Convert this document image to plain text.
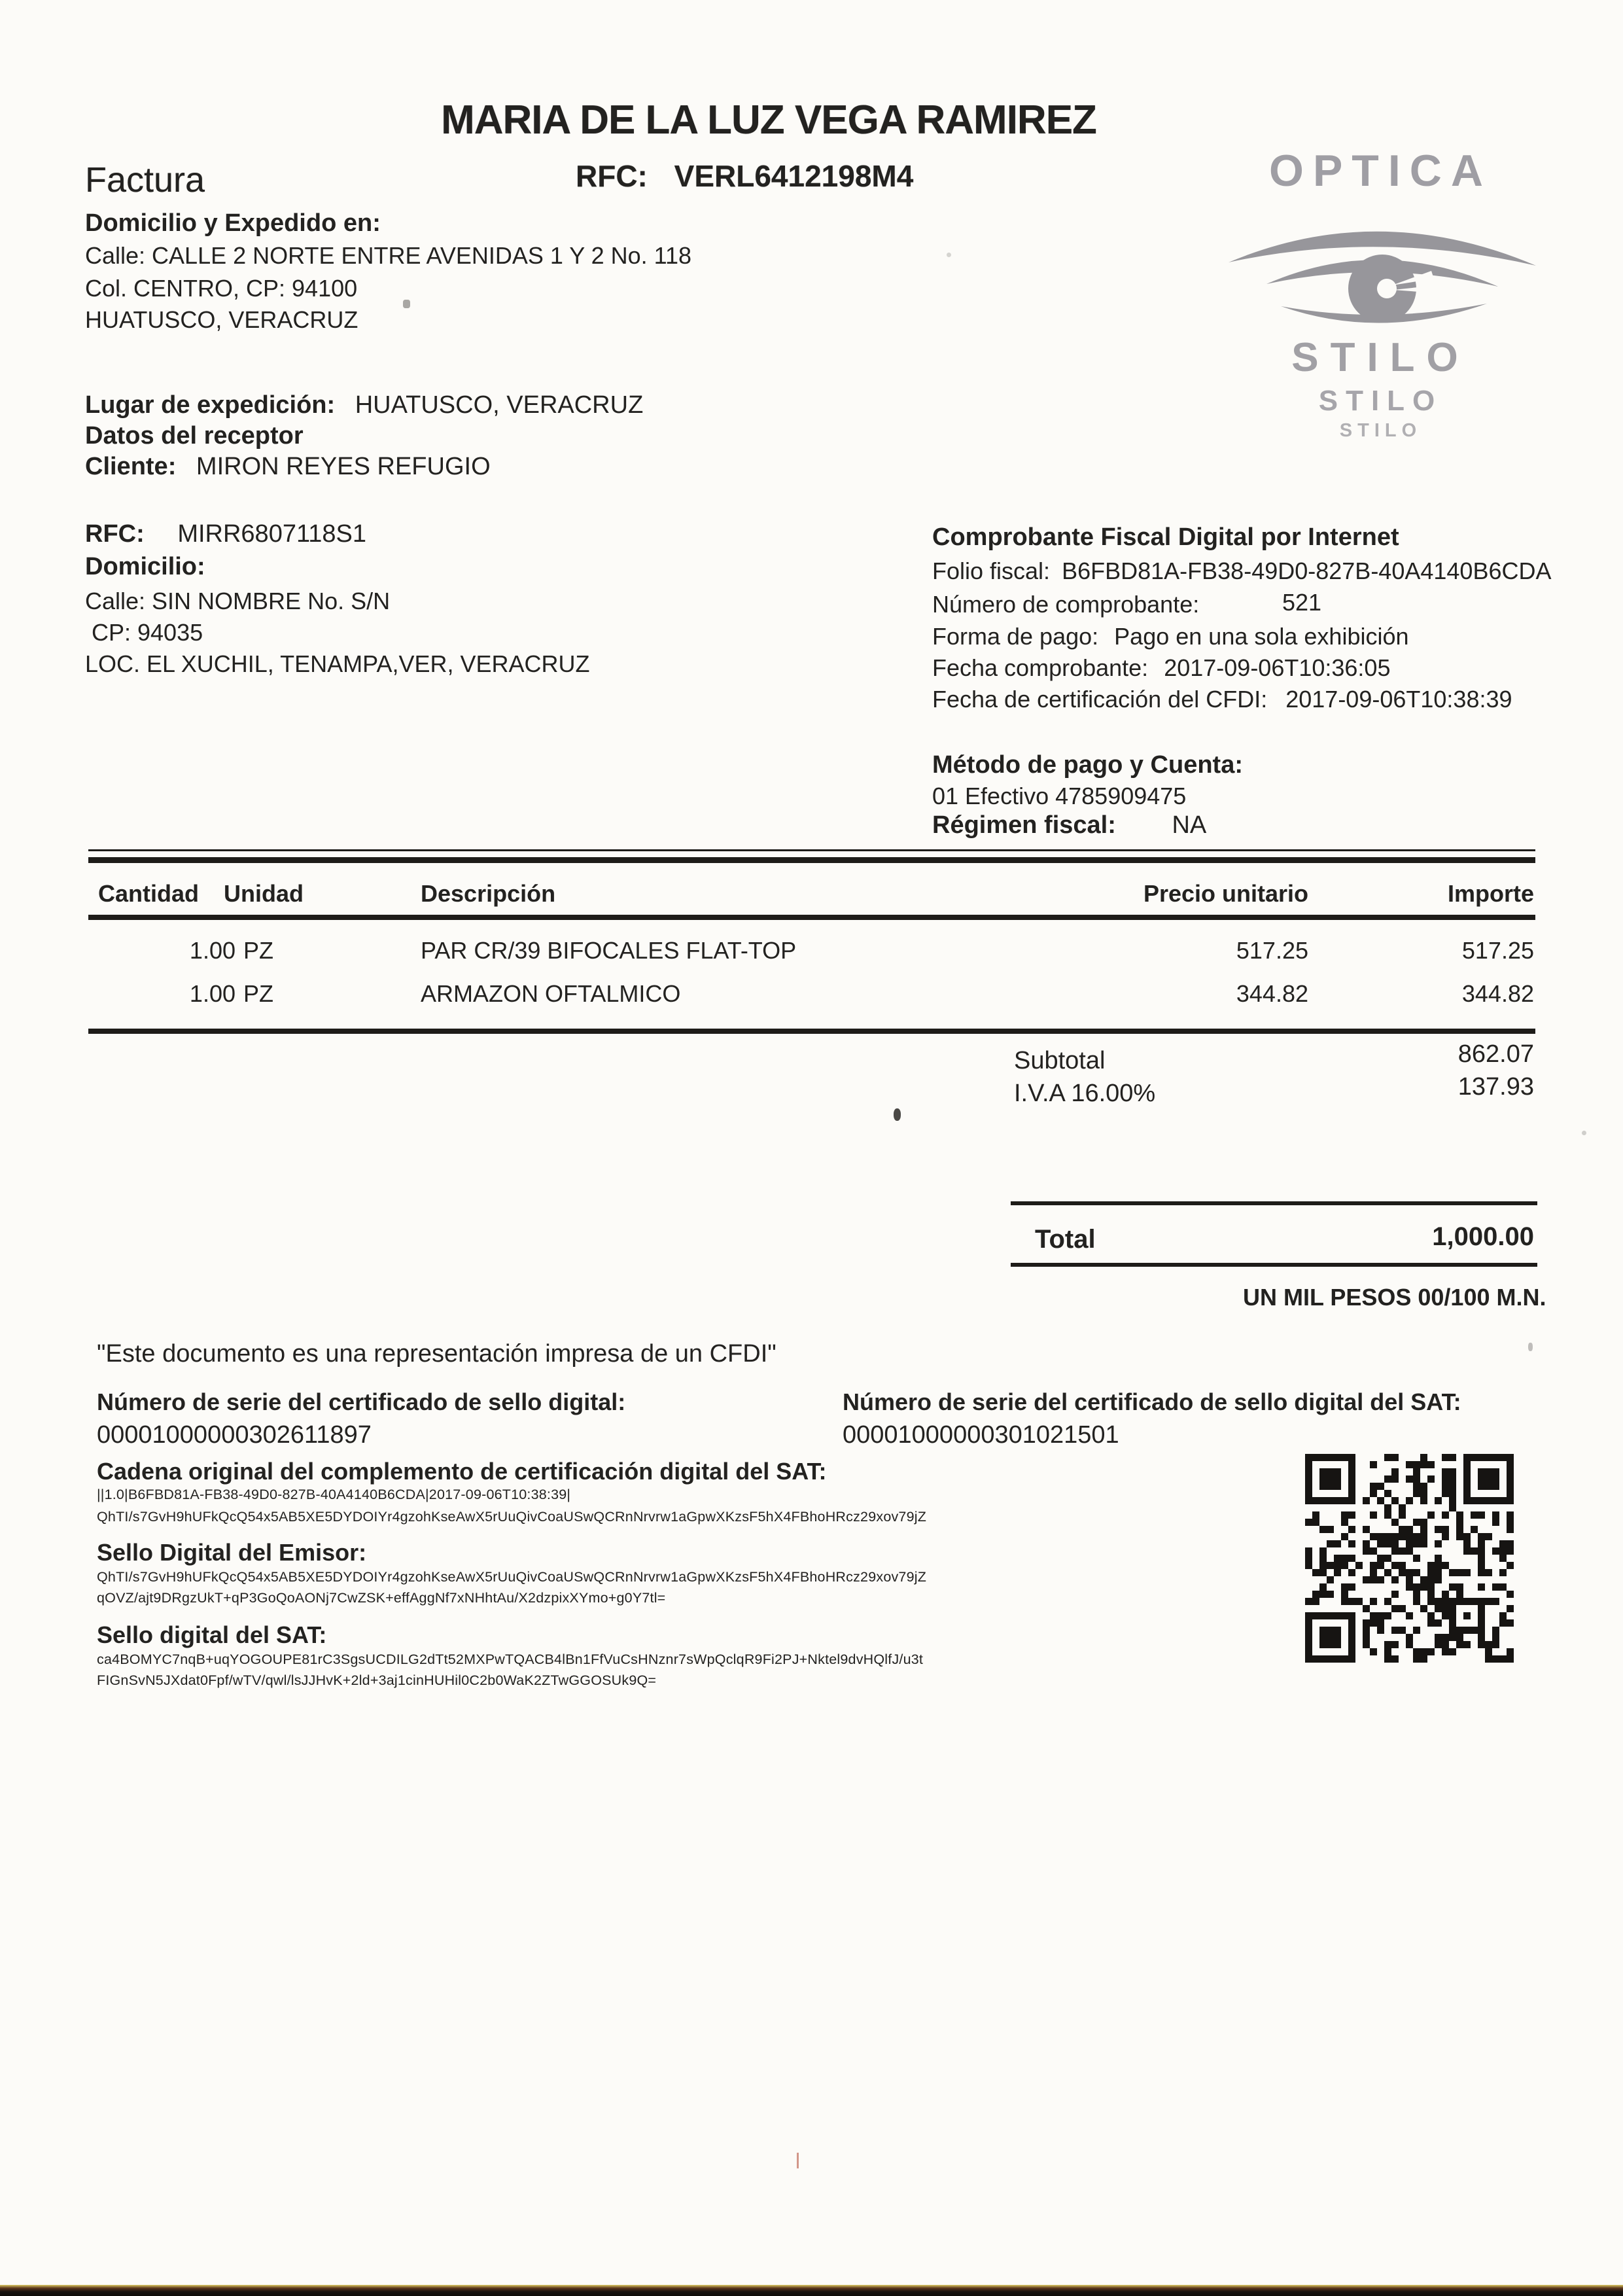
MARIA DE LA LUZ VEGA RAMIREZ
Factura	RFC: VERL6412198M4
Domicilio y Expedido en:
Calle: CALLE 2 NORTE ENTRE AVENIDAS 1 Y 2 No. 118
Col. CENTRO, CP: 94100
HUATUSCO, VERACRUZ
OPTICA
STILO
STILO
STILO
Lugar de expedición: HUATUSCO, VERACRUZ
Datos del receptor
Cliente: MIRON REYES REFUGIO
RFC: MIRR6807118S1
Domicilio:
Calle: SIN NOMBRE No. S/N
CP: 94035
LOC. EL XUCHIL, TENAMPA,VER, VERACRUZ
Comprobante Fiscal Digital por Internet
Folio fiscal: B6FBD81A-FB38-49D0-827B-40A4140B6CDA
Número de comprobante:	521
Forma de pago: Pago en una sola exhibición
Fecha comprobante: 2017-09-06T10:36:05
Fecha de certificación del CFDI: 2017-09-06T10:38:39
Método de pago y Cuenta:
01 Efectivo 4785909475
Régimen fiscal: NA
Cantidad Unidad	Descripción	Precio unitario	Importe
1.00 PZ	PAR CR/39 BIFOCALES FLAT-TOP	517.25	517.25
1.00 PZ	ARMAZON OFTALMICO	344.82	344.82
Subtotal	862.07
I.V.A 16.00%	137.93
Total	1,000.00
UN MIL PESOS 00/100 M.N.
"Este documento es una representación impresa de un CFDI"
Número de serie del certificado de sello digital:
00001000000302611897
Número de serie del certificado de sello digital del SAT:
00001000000301021501
Cadena original del complemento de certificación digital del SAT:
||1.0|B6FBD81A-FB38-49D0-827B-40A4140B6CDA|2017-09-06T10:38:39|
QhTI/s7GvH9hUFkQcQ54x5AB5XE5DYDOIYr4gzohKseAwX5rUuQivCoaUSwQCRnNrvrw1aGpwXKzsF5hX4FBhoHRcz29xov79jZ
Sello Digital del Emisor:
QhTI/s7GvH9hUFkQcQ54x5AB5XE5DYDOIYr4gzohKseAwX5rUuQivCoaUSwQCRnNrvrw1aGpwXKzsF5hX4FBhoHRcz29xov79jZ
qOVZ/ajt9DRgzUkT+qP3GoQoAONj7CwZSK+effAggNf7xNHhtAu/X2dzpixXYmo+g0Y7tl=
Sello digital del SAT:
ca4BOMYC7nqB+uqYOGOUPE81rC3SgsUCDILG2dTt52MXPwTQACB4lBn1FfVuCsHNznr7sWpQclqR9Fi2PJ+Nktel9dvHQlfJ/u3t
FIGnSvN5JXdat0Fpf/wTV/qwl/lsJJHvK+2ld+3aj1cinHUHil0C2b0WaK2ZTwGGOSUk9Q=
